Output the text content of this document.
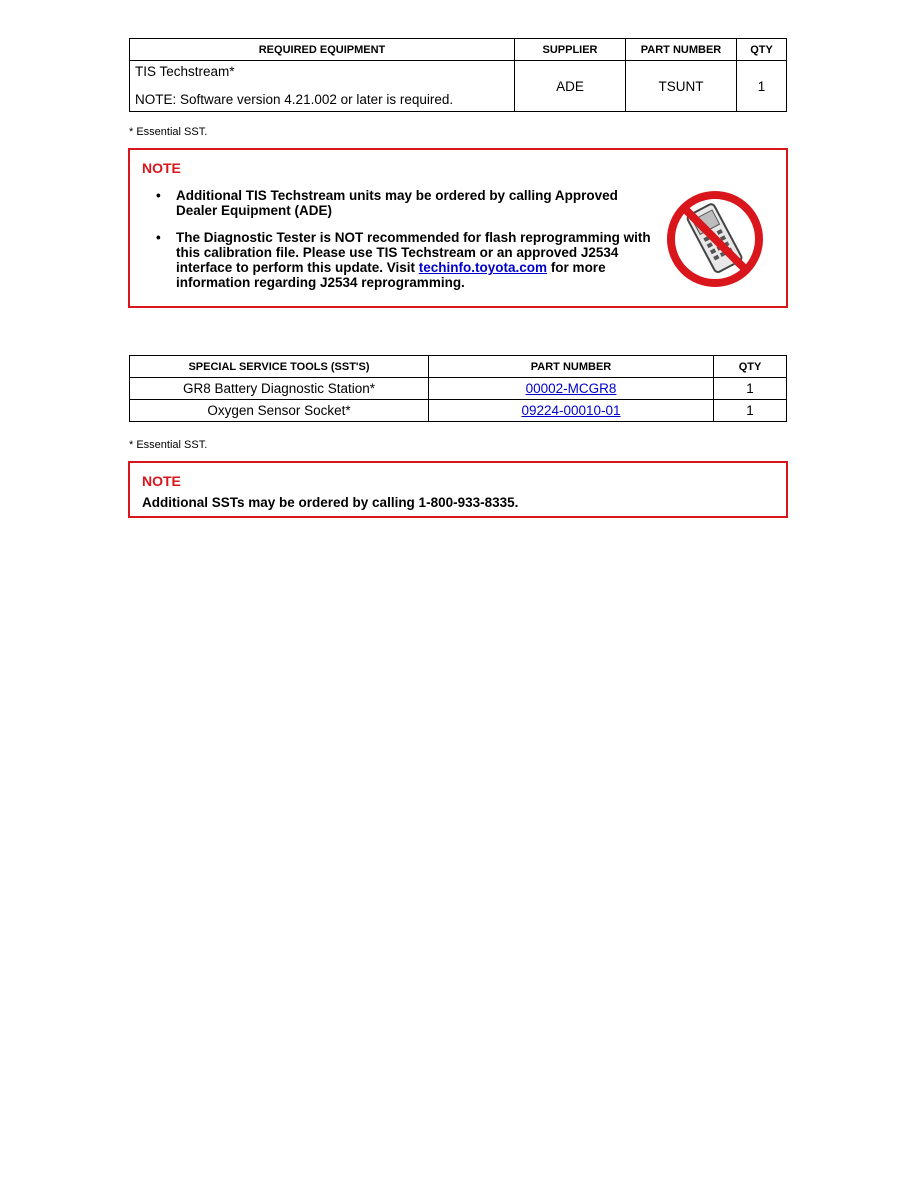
REQUIRED EQUIPMENT	SUPPLIER	PART NUMBER	QTY

TIS Techstream*
NOTE: Software version 4.21.002 or later is required.	ADE	TSUNT	1
* Essential SST.
NOTE
• Additional TIS Techstream units may be ordered by calling Approved Dealer Equipment (ADE)
• The Diagnostic Tester is NOT recommended for flash reprogramming with this calibration file. Please use TIS Techstream or an approved J2534 interface to perform this update. Visit techinfo.toyota.com for more information regarding J2534 reprogramming.
SPECIAL SERVICE TOOLS (SST'S)	PART NUMBER	QTY
GR8 Battery Diagnostic Station*	00002-MCGR8	1
Oxygen Sensor Socket*	09224-00010-01	1
* Essential SST.
NOTE
Additional SSTs may be ordered by calling 1-800-933-8335.
